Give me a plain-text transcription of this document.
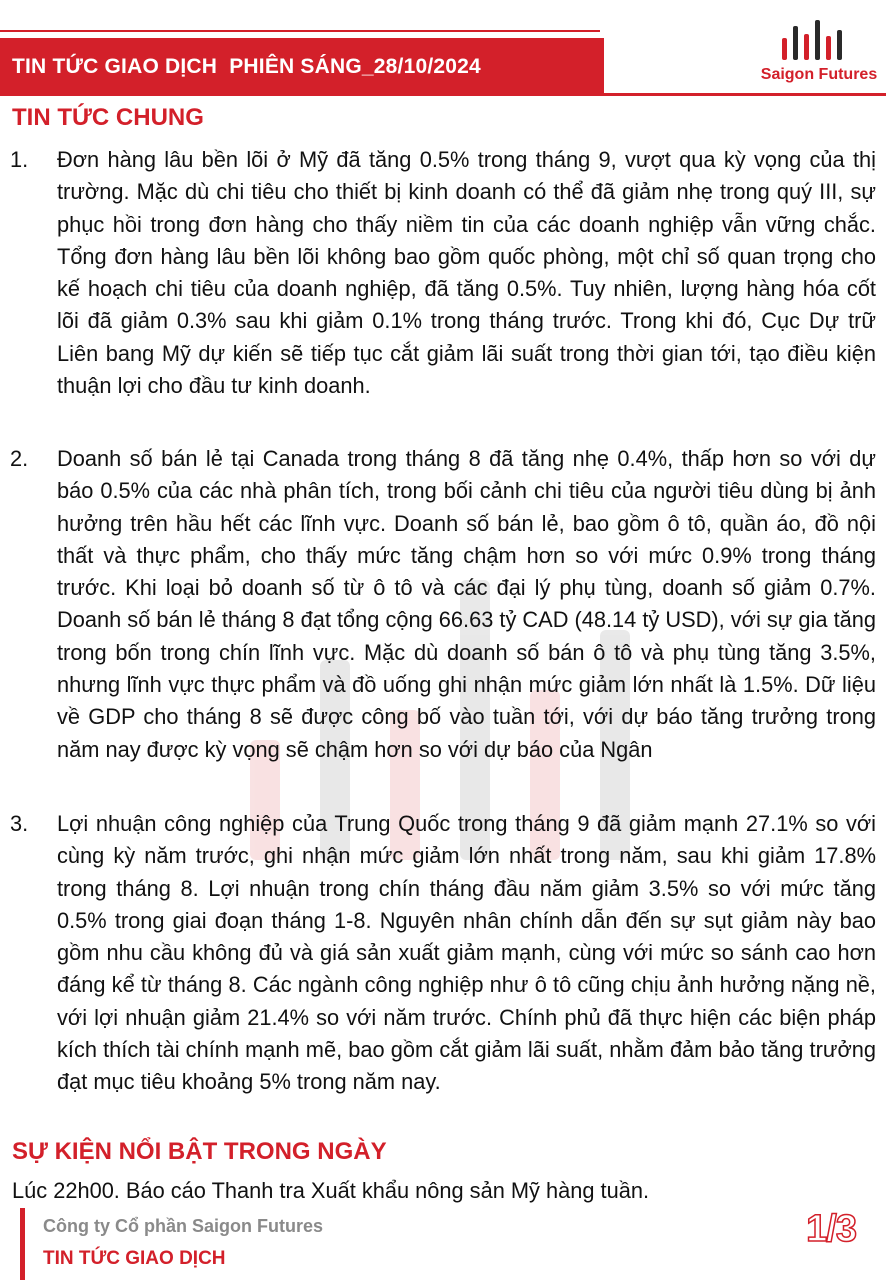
TIN TỨC GIAO DỊCH  PHIÊN SÁNG_28/10/2024	Saigon Futures
TIN TỨC CHUNG
1.	Đơn hàng lâu bền lõi ở Mỹ đã tăng 0.5% trong tháng 9, vượt qua kỳ vọng của thị trường. Mặc dù chi tiêu cho thiết bị kinh doanh có thể đã giảm nhẹ trong quý III, sự phục hồi trong đơn hàng cho thấy niềm tin của các doanh nghiệp vẫn vững chắc. Tổng đơn hàng lâu bền lõi không bao gồm quốc phòng, một chỉ số quan trọng cho kế hoạch chi tiêu của doanh nghiệp, đã tăng 0.5%. Tuy nhiên, lượng hàng hóa cốt lõi đã giảm 0.3% sau khi giảm 0.1% trong tháng trước. Trong khi đó, Cục Dự trữ Liên bang Mỹ dự kiến sẽ tiếp tục cắt giảm lãi suất trong thời gian tới, tạo điều kiện thuận lợi cho đầu tư kinh doanh.
2.	Doanh số bán lẻ tại Canada trong tháng 8 đã tăng nhẹ 0.4%, thấp hơn so với dự báo 0.5% của các nhà phân tích, trong bối cảnh chi tiêu của người tiêu dùng bị ảnh hưởng trên hầu hết các lĩnh vực. Doanh số bán lẻ, bao gồm ô tô, quần áo, đồ nội thất và thực phẩm, cho thấy mức tăng chậm hơn so với mức 0.9% trong tháng trước. Khi loại bỏ doanh số từ ô tô và các đại lý phụ tùng, doanh số giảm 0.7%. Doanh số bán lẻ tháng 8 đạt tổng cộng 66.63 tỷ CAD (48.14 tỷ USD), với sự gia tăng trong bốn trong chín lĩnh vực. Mặc dù doanh số bán ô tô và phụ tùng tăng 3.5%, nhưng lĩnh vực thực phẩm và đồ uống ghi nhận mức giảm lớn nhất là 1.5%. Dữ liệu về GDP cho tháng 8 sẽ được công bố vào tuần tới, với dự báo tăng trưởng trong năm nay được kỳ vọng sẽ chậm hơn so với dự báo của Ngân
3.	Lợi nhuận công nghiệp của Trung Quốc trong tháng 9 đã giảm mạnh 27.1% so với cùng kỳ năm trước, ghi nhận mức giảm lớn nhất trong năm, sau khi giảm 17.8% trong tháng 8. Lợi nhuận trong chín tháng đầu năm giảm 3.5% so với mức tăng 0.5% trong giai đoạn tháng 1-8. Nguyên nhân chính dẫn đến sự sụt giảm này bao gồm nhu cầu không đủ và giá sản xuất giảm mạnh, cùng với mức so sánh cao hơn đáng kể từ tháng 8. Các ngành công nghiệp như ô tô cũng chịu ảnh hưởng nặng nề, với lợi nhuận giảm 21.4% so với năm trước. Chính phủ đã thực hiện các biện pháp kích thích tài chính mạnh mẽ, bao gồm cắt giảm lãi suất, nhằm đảm bảo tăng trưởng đạt mục tiêu khoảng 5% trong năm nay.
SỰ KIỆN NỔI BẬT TRONG NGÀY
Lúc 22h00. Báo cáo Thanh tra Xuất khẩu nông sản Mỹ hàng tuần.
Công ty Cổ phần Saigon Futures
TIN TỨC GIAO DỊCH
1/3
